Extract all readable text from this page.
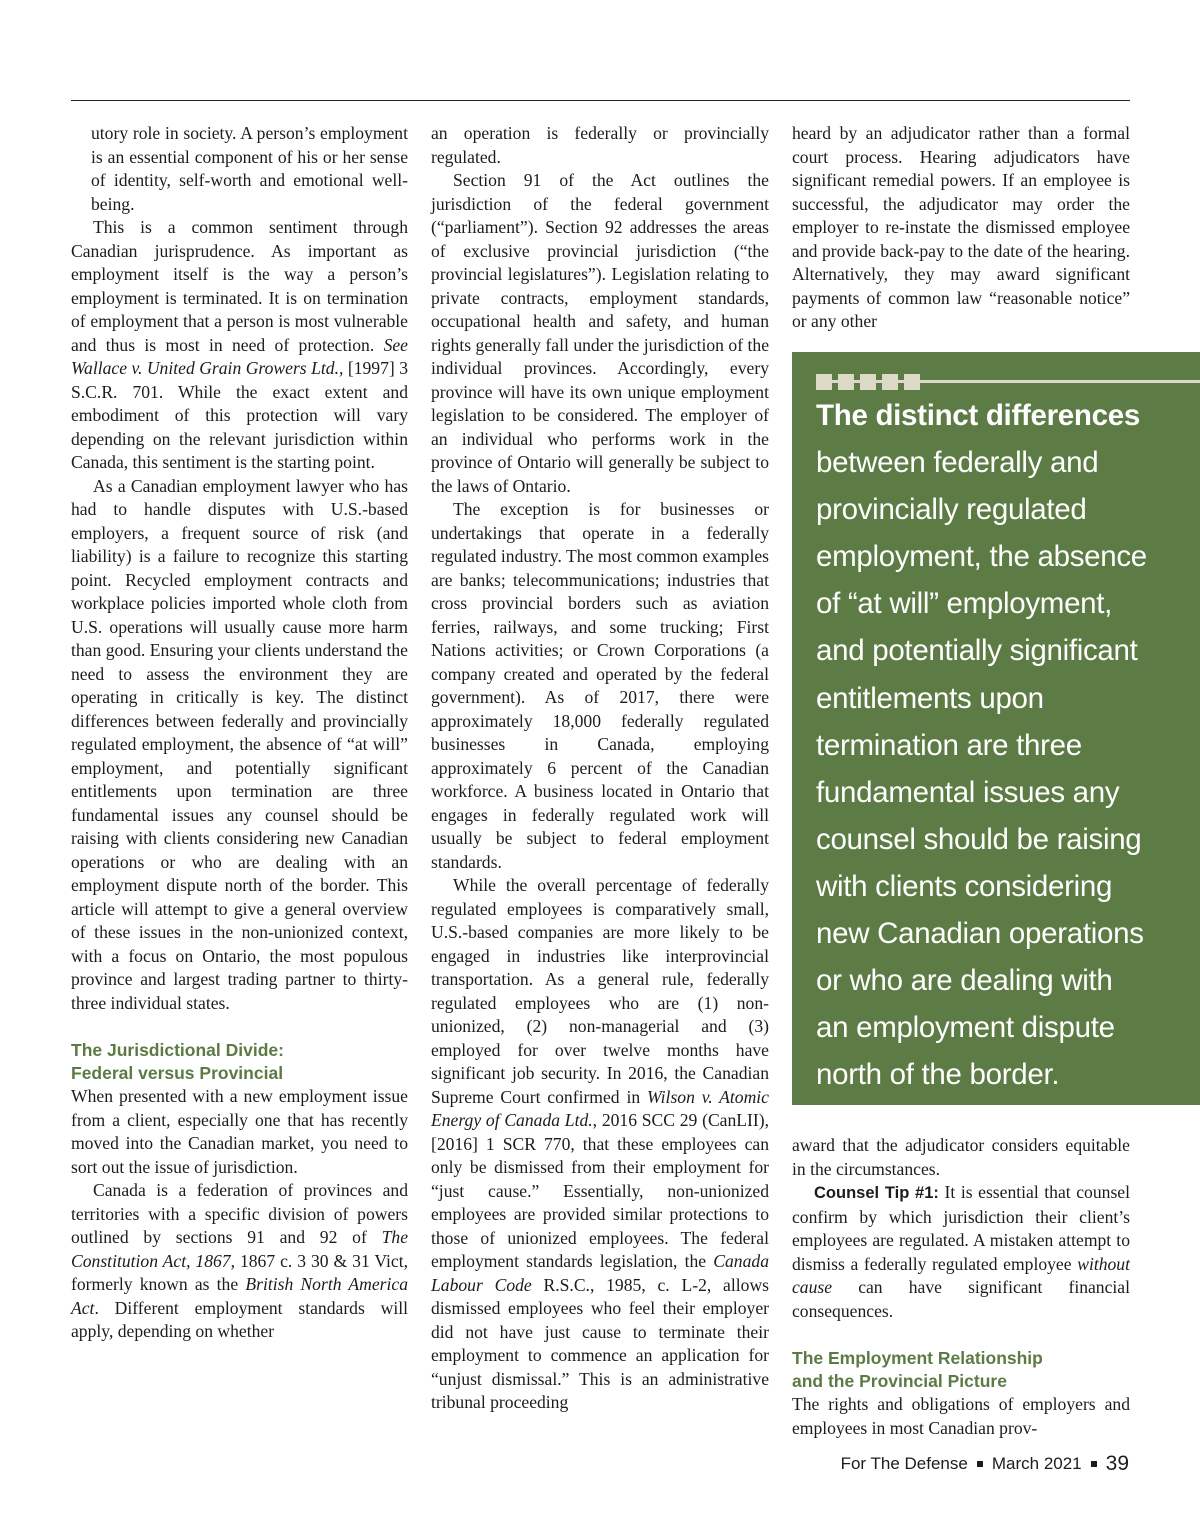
utory role in society. A person’s employment is an essential component of his or her sense of identity, self-worth and emotional well-being.

This is a common sentiment through Canadian jurisprudence. As important as employment itself is the way a person’s employment is terminated. It is on termination of employment that a person is most vulnerable and thus is most in need of protection. See Wallace v. United Grain Growers Ltd., [1997] 3 S.C.R. 701. While the exact extent and embodiment of this protection will vary depending on the relevant jurisdiction within Canada, this sentiment is the starting point.

As a Canadian employment lawyer who has had to handle disputes with U.S.-based employers, a frequent source of risk (and liability) is a failure to recognize this starting point. Recycled employment contracts and workplace policies imported whole cloth from U.S. operations will usually cause more harm than good. Ensuring your clients understand the need to assess the environment they are operating in critically is key. The distinct differences between federally and provincially regulated employment, the absence of “at will” employment, and potentially significant entitlements upon termination are three fundamental issues any counsel should be raising with clients considering new Canadian operations or who are dealing with an employment dispute north of the border. This article will attempt to give a general overview of these issues in the non-unionized context, with a focus on Ontario, the most populous province and largest trading partner to thirty-three individual states.

The Jurisdictional Divide:
Federal versus Provincial

When presented with a new employment issue from a client, especially one that has recently moved into the Canadian market, you need to sort out the issue of jurisdiction.

Canada is a federation of provinces and territories with a specific division of powers outlined by sections 91 and 92 of The Constitution Act, 1867, 1867 c. 3 30 & 31 Vict, formerly known as the British North America Act. Different employment standards will apply, depending on whether

an operation is federally or provincially regulated.

Section 91 of the Act outlines the jurisdiction of the federal government (“parliament”). Section 92 addresses the areas of exclusive provincial jurisdiction (“the provincial legislatures”). Legislation relating to private contracts, employment standards, occupational health and safety, and human rights generally fall under the jurisdiction of the individual provinces. Accordingly, every province will have its own unique employment legislation to be considered. The employer of an individual who performs work in the province of Ontario will generally be subject to the laws of Ontario.

The exception is for businesses or undertakings that operate in a federally regulated industry. The most common examples are banks; telecommunications; industries that cross provincial borders such as aviation ferries, railways, and some trucking; First Nations activities; or Crown Corporations (a company created and operated by the federal government). As of 2017, there were approximately 18,000 federally regulated businesses in Canada, employing approximately 6 percent of the Canadian workforce. A business located in Ontario that engages in federally regulated work will usually be subject to federal employment standards.

While the overall percentage of federally regulated employees is comparatively small, U.S.-based companies are more likely to be engaged in industries like interprovincial transportation. As a general rule, federally regulated employees who are (1) non-unionized, (2) non-managerial and (3) employed for over twelve months have significant job security. In 2016, the Canadian Supreme Court confirmed in Wilson v. Atomic Energy of Canada Ltd., 2016 SCC 29 (CanLII), [2016] 1 SCR 770, that these employees can only be dismissed from their employment for “just cause.” Essentially, non-unionized employees are provided similar protections to those of unionized employees. The federal employment standards legislation, the Canada Labour Code R.S.C., 1985, c. L-2, allows dismissed employees who feel their employer did not have just cause to terminate their employment to commence an application for “unjust dismissal.” This is an administrative tribunal proceeding

heard by an adjudicator rather than a formal court process. Hearing adjudicators have significant remedial powers. If an employee is successful, the adjudicator may order the employer to re-instate the dismissed employee and provide back-pay to the date of the hearing. Alternatively, they may award significant payments of common law “reasonable notice” or any other

The distinct differences
between federally and
provincially regulated
employment, the absence
of “at will” employment,
and potentially significant
entitlements upon
termination are three
fundamental issues any
counsel should be raising
with clients considering
new Canadian operations
or who are dealing with
an employment dispute
north of the border.

award that the adjudicator considers equitable in the circumstances.

Counsel Tip #1: It is essential that counsel confirm by which jurisdiction their client’s employees are regulated. A mistaken attempt to dismiss a federally regulated employee without cause can have significant financial consequences.

The Employment Relationship
and the Provincial Picture

The rights and obligations of employers and employees in most Canadian prov-

For The Defense March 2021 39
